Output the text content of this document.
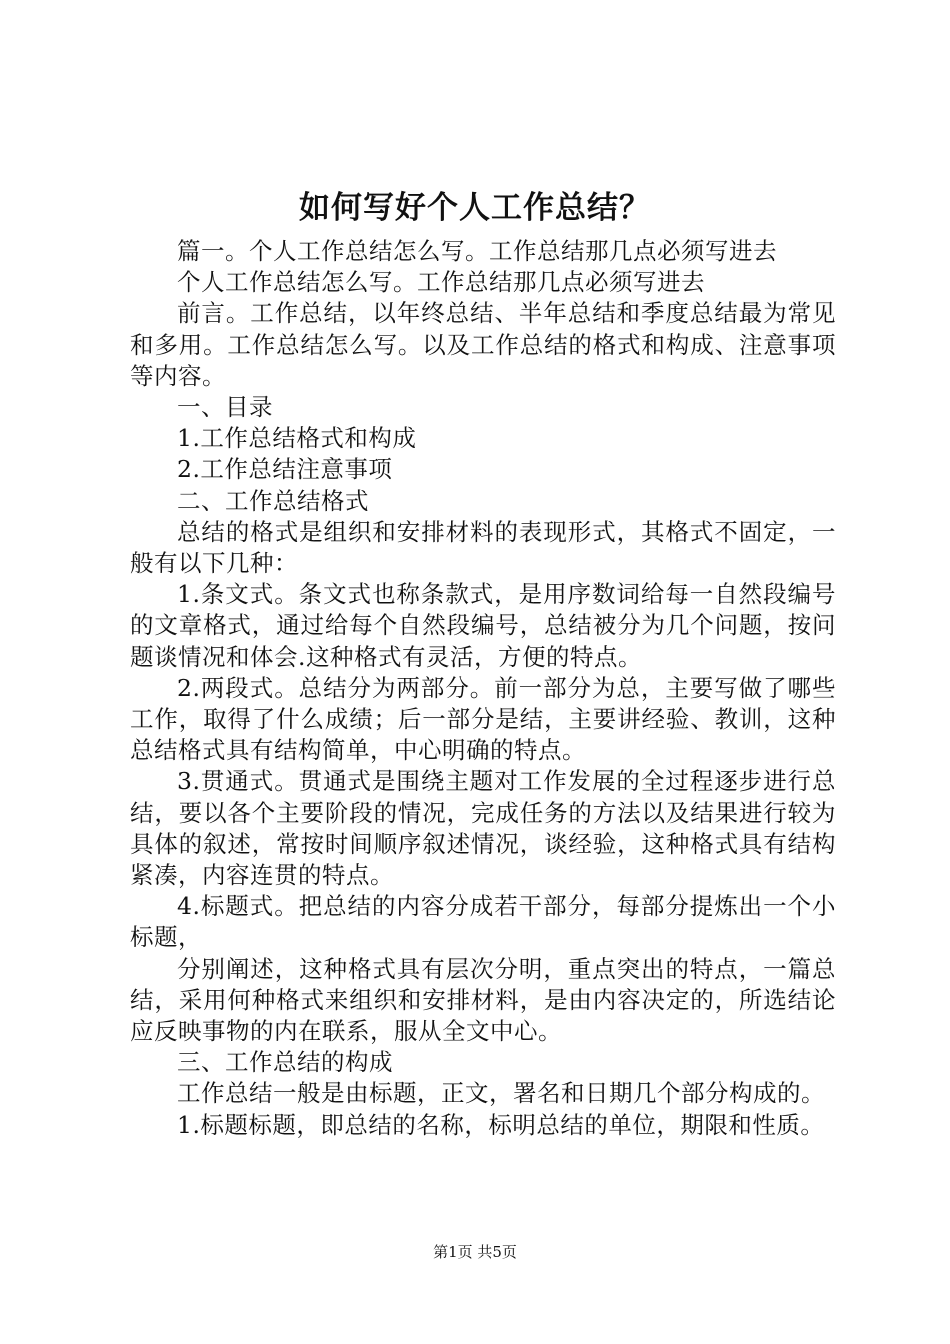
如何写好个人工作总结？

篇一。个人工作总结怎么写。工作总结那几点必须写进去

个人工作总结怎么写。工作总结那几点必须写进去

前言。工作总结，以年终总结、半年总结和季度总结最为常见和多用。工作总结怎么写。以及工作总结的格式和构成、注意事项等内容。

一、目录

1.工作总结格式和构成

2.工作总结注意事项

二、工作总结格式

总结的格式是组织和安排材料的表现形式，其格式不固定，一般有以下几种：

1.条文式。条文式也称条款式，是用序数词给每一自然段编号的文章格式，通过给每个自然段编号，总结被分为几个问题，按问题谈情况和体会.这种格式有灵活，方便的特点。

2.两段式。总结分为两部分。前一部分为总，主要写做了哪些工作，取得了什么成绩；后一部分是结，主要讲经验、教训，这种总结格式具有结构简单，中心明确的特点。

3.贯通式。贯通式是围绕主题对工作发展的全过程逐步进行总结，要以各个主要阶段的情况，完成任务的方法以及结果进行较为具体的叙述，常按时间顺序叙述情况，谈经验，这种格式具有结构紧凑，内容连贯的特点。

4.标题式。把总结的内容分成若干部分，每部分提炼出一个小标题，

分别阐述，这种格式具有层次分明，重点突出的特点，一篇总结，采用何种格式来组织和安排材料，是由内容决定的，所选结论应反映事物的内在联系，服从全文中心。

三、工作总结的构成

工作总结一般是由标题，正文，署名和日期几个部分构成的。

1.标题标题，即总结的名称，标明总结的单位，期限和性质。

第1页 共5页
